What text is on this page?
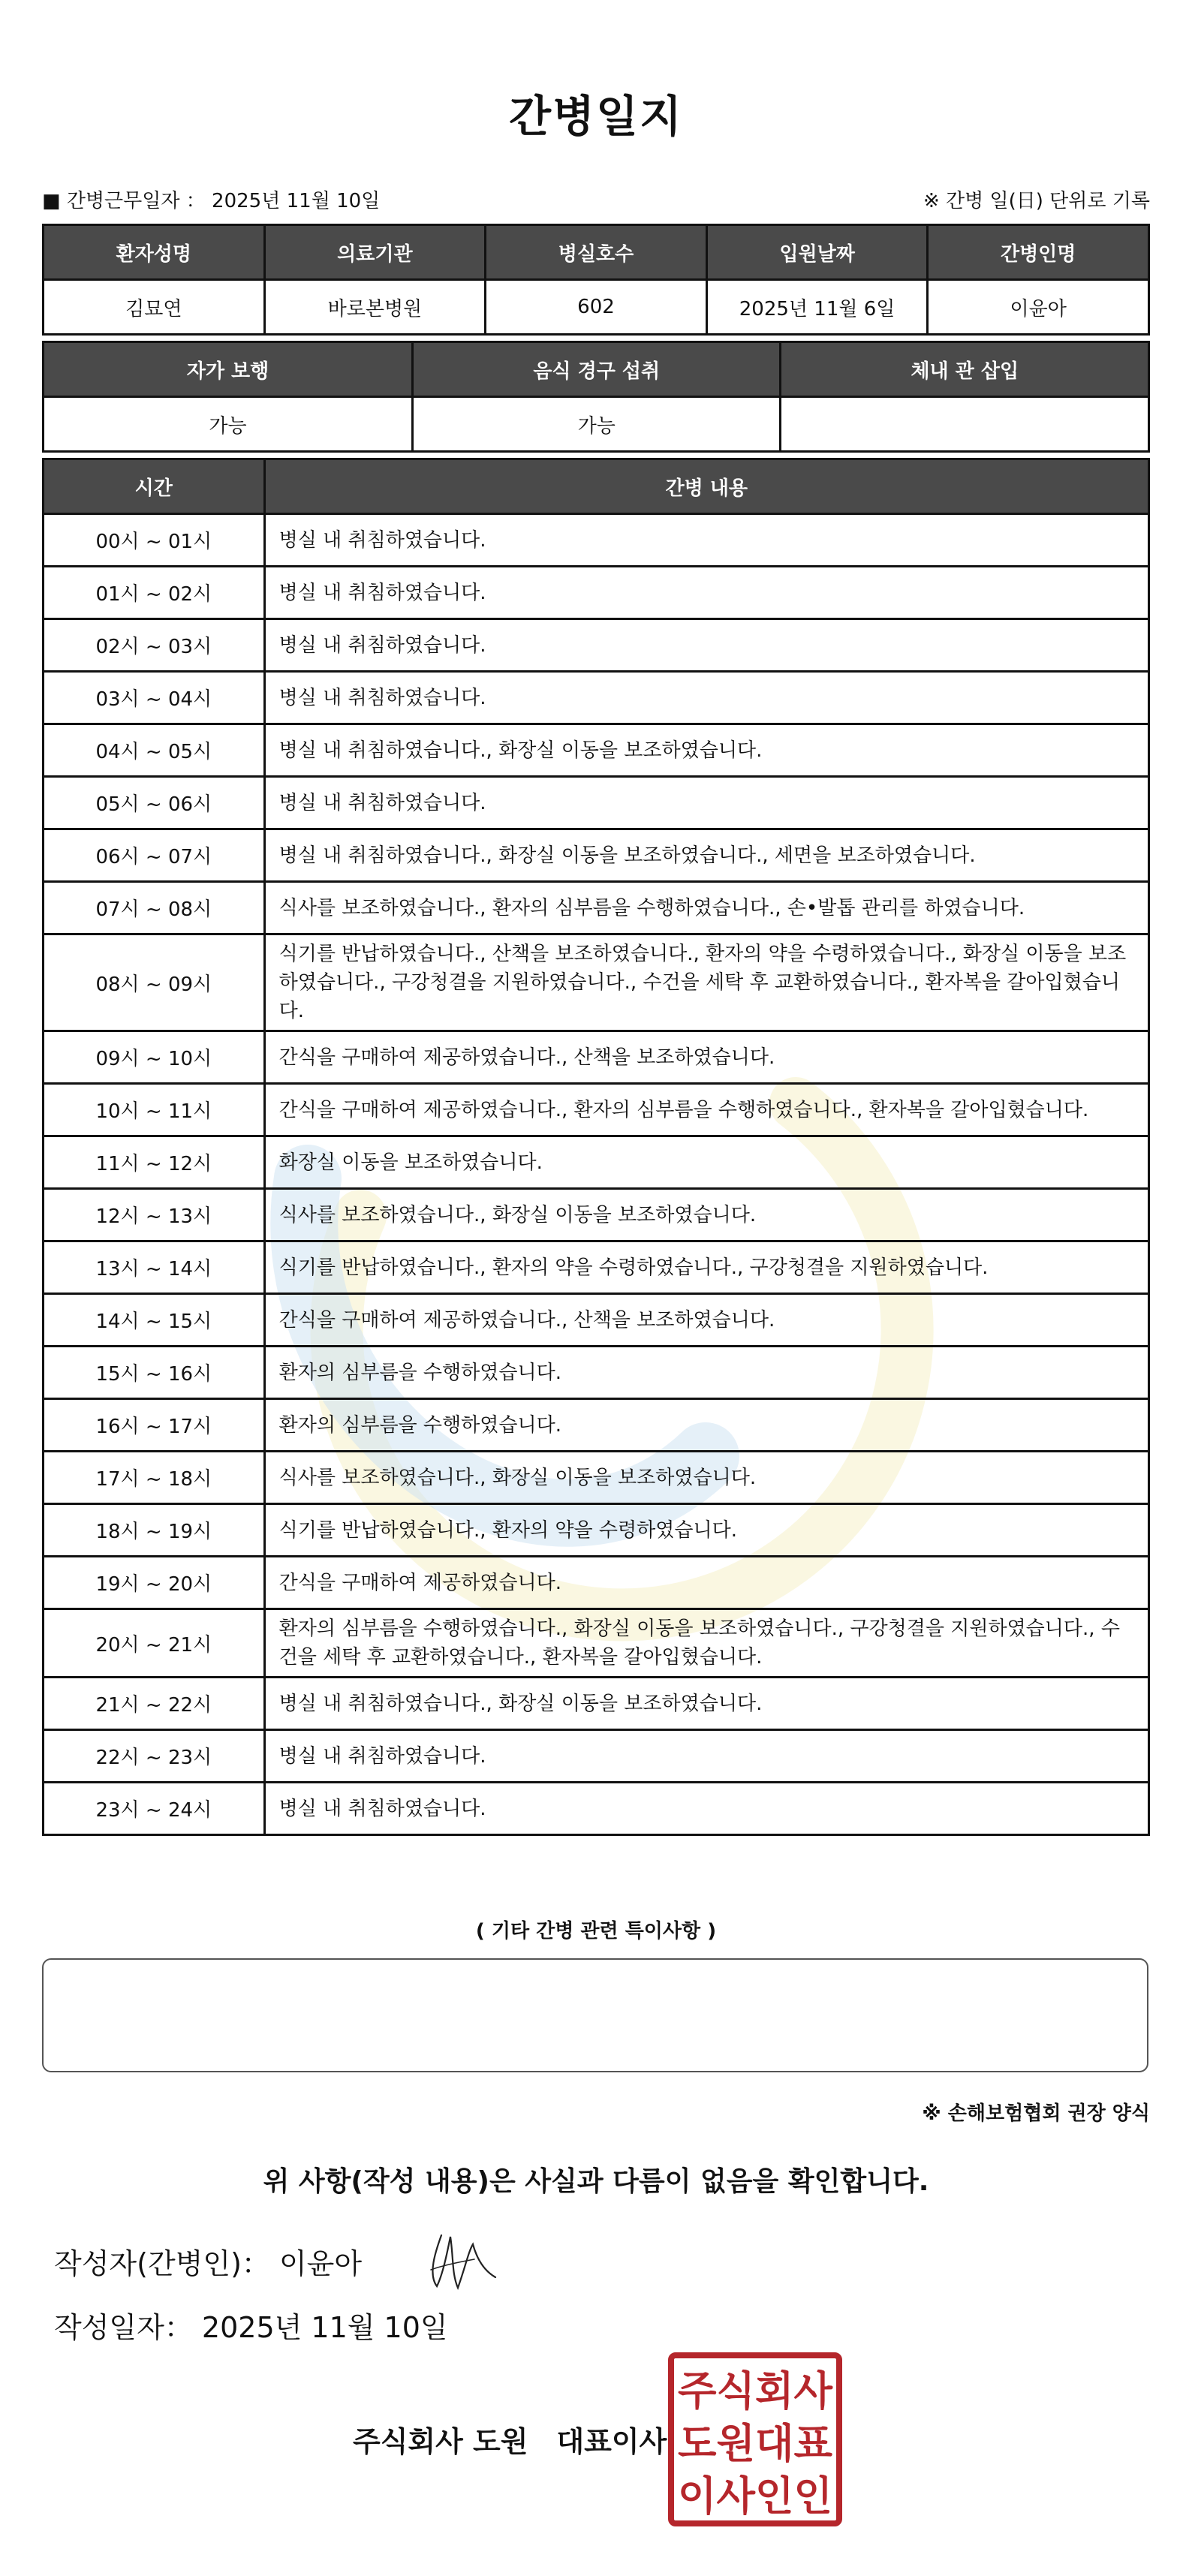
간병일지
■ 간병근무일자 ： 2025년 11월 10일	※ 간병 일(日) 단위로 기록
환자성명	의료기관	병실호수	입원날짜	간병인명
김묘연	바로본병원	602	2025년 11월 6일	이윤아
자가 보행	음식 경구 섭취	체내 관 삽입
가능	가능	
시간	간병 내용
00시 ~ 01시	병실 내 취침하였습니다.
01시 ~ 02시	병실 내 취침하였습니다.
02시 ~ 03시	병실 내 취침하였습니다.
03시 ~ 04시	병실 내 취침하였습니다.
04시 ~ 05시	병실 내 취침하였습니다., 화장실 이동을 보조하였습니다.
05시 ~ 06시	병실 내 취침하였습니다.
06시 ~ 07시	병실 내 취침하였습니다., 화장실 이동을 보조하였습니다., 세면을 보조하였습니다.
07시 ~ 08시	식사를 보조하였습니다., 환자의 심부름을 수행하였습니다., 손•발톱 관리를 하였습니다.
08시 ~ 09시	식기를 반납하였습니다., 산책을 보조하였습니다., 환자의 약을 수령하였습니다., 화장실 이동을 보조하였습니다., 구강청결을 지원하였습니다., 수건을 세탁 후 교환하였습니다., 환자복을 갈아입혔습니다.
09시 ~ 10시	간식을 구매하여 제공하였습니다., 산책을 보조하였습니다.
10시 ~ 11시	간식을 구매하여 제공하였습니다., 환자의 심부름을 수행하였습니다., 환자복을 갈아입혔습니다.
11시 ~ 12시	화장실 이동을 보조하였습니다.
12시 ~ 13시	식사를 보조하였습니다., 화장실 이동을 보조하였습니다.
13시 ~ 14시	식기를 반납하였습니다., 환자의 약을 수령하였습니다., 구강청결을 지원하였습니다.
14시 ~ 15시	간식을 구매하여 제공하였습니다., 산책을 보조하였습니다.
15시 ~ 16시	환자의 심부름을 수행하였습니다.
16시 ~ 17시	환자의 심부름을 수행하였습니다.
17시 ~ 18시	식사를 보조하였습니다., 화장실 이동을 보조하였습니다.
18시 ~ 19시	식기를 반납하였습니다., 환자의 약을 수령하였습니다.
19시 ~ 20시	간식을 구매하여 제공하였습니다.
20시 ~ 21시	환자의 심부름을 수행하였습니다., 화장실 이동을 보조하였습니다., 구강청결을 지원하였습니다., 수건을 세탁 후 교환하였습니다., 환자복을 갈아입혔습니다.
21시 ~ 22시	병실 내 취침하였습니다., 화장실 이동을 보조하였습니다.
22시 ~ 23시	병실 내 취침하였습니다.
23시 ~ 24시	병실 내 취침하였습니다.
( 기타 간병 관련 특이사항 )
※ 손해보험협회 권장 양식
위 사항(작성 내용)은 사실과 다름이 없음을 확인합니다.
작성자(간병인)： 이윤아
작성일자： 2025년 11월 10일
주식회사 도원　대표이사
주식회사
도원대표
이사인인
